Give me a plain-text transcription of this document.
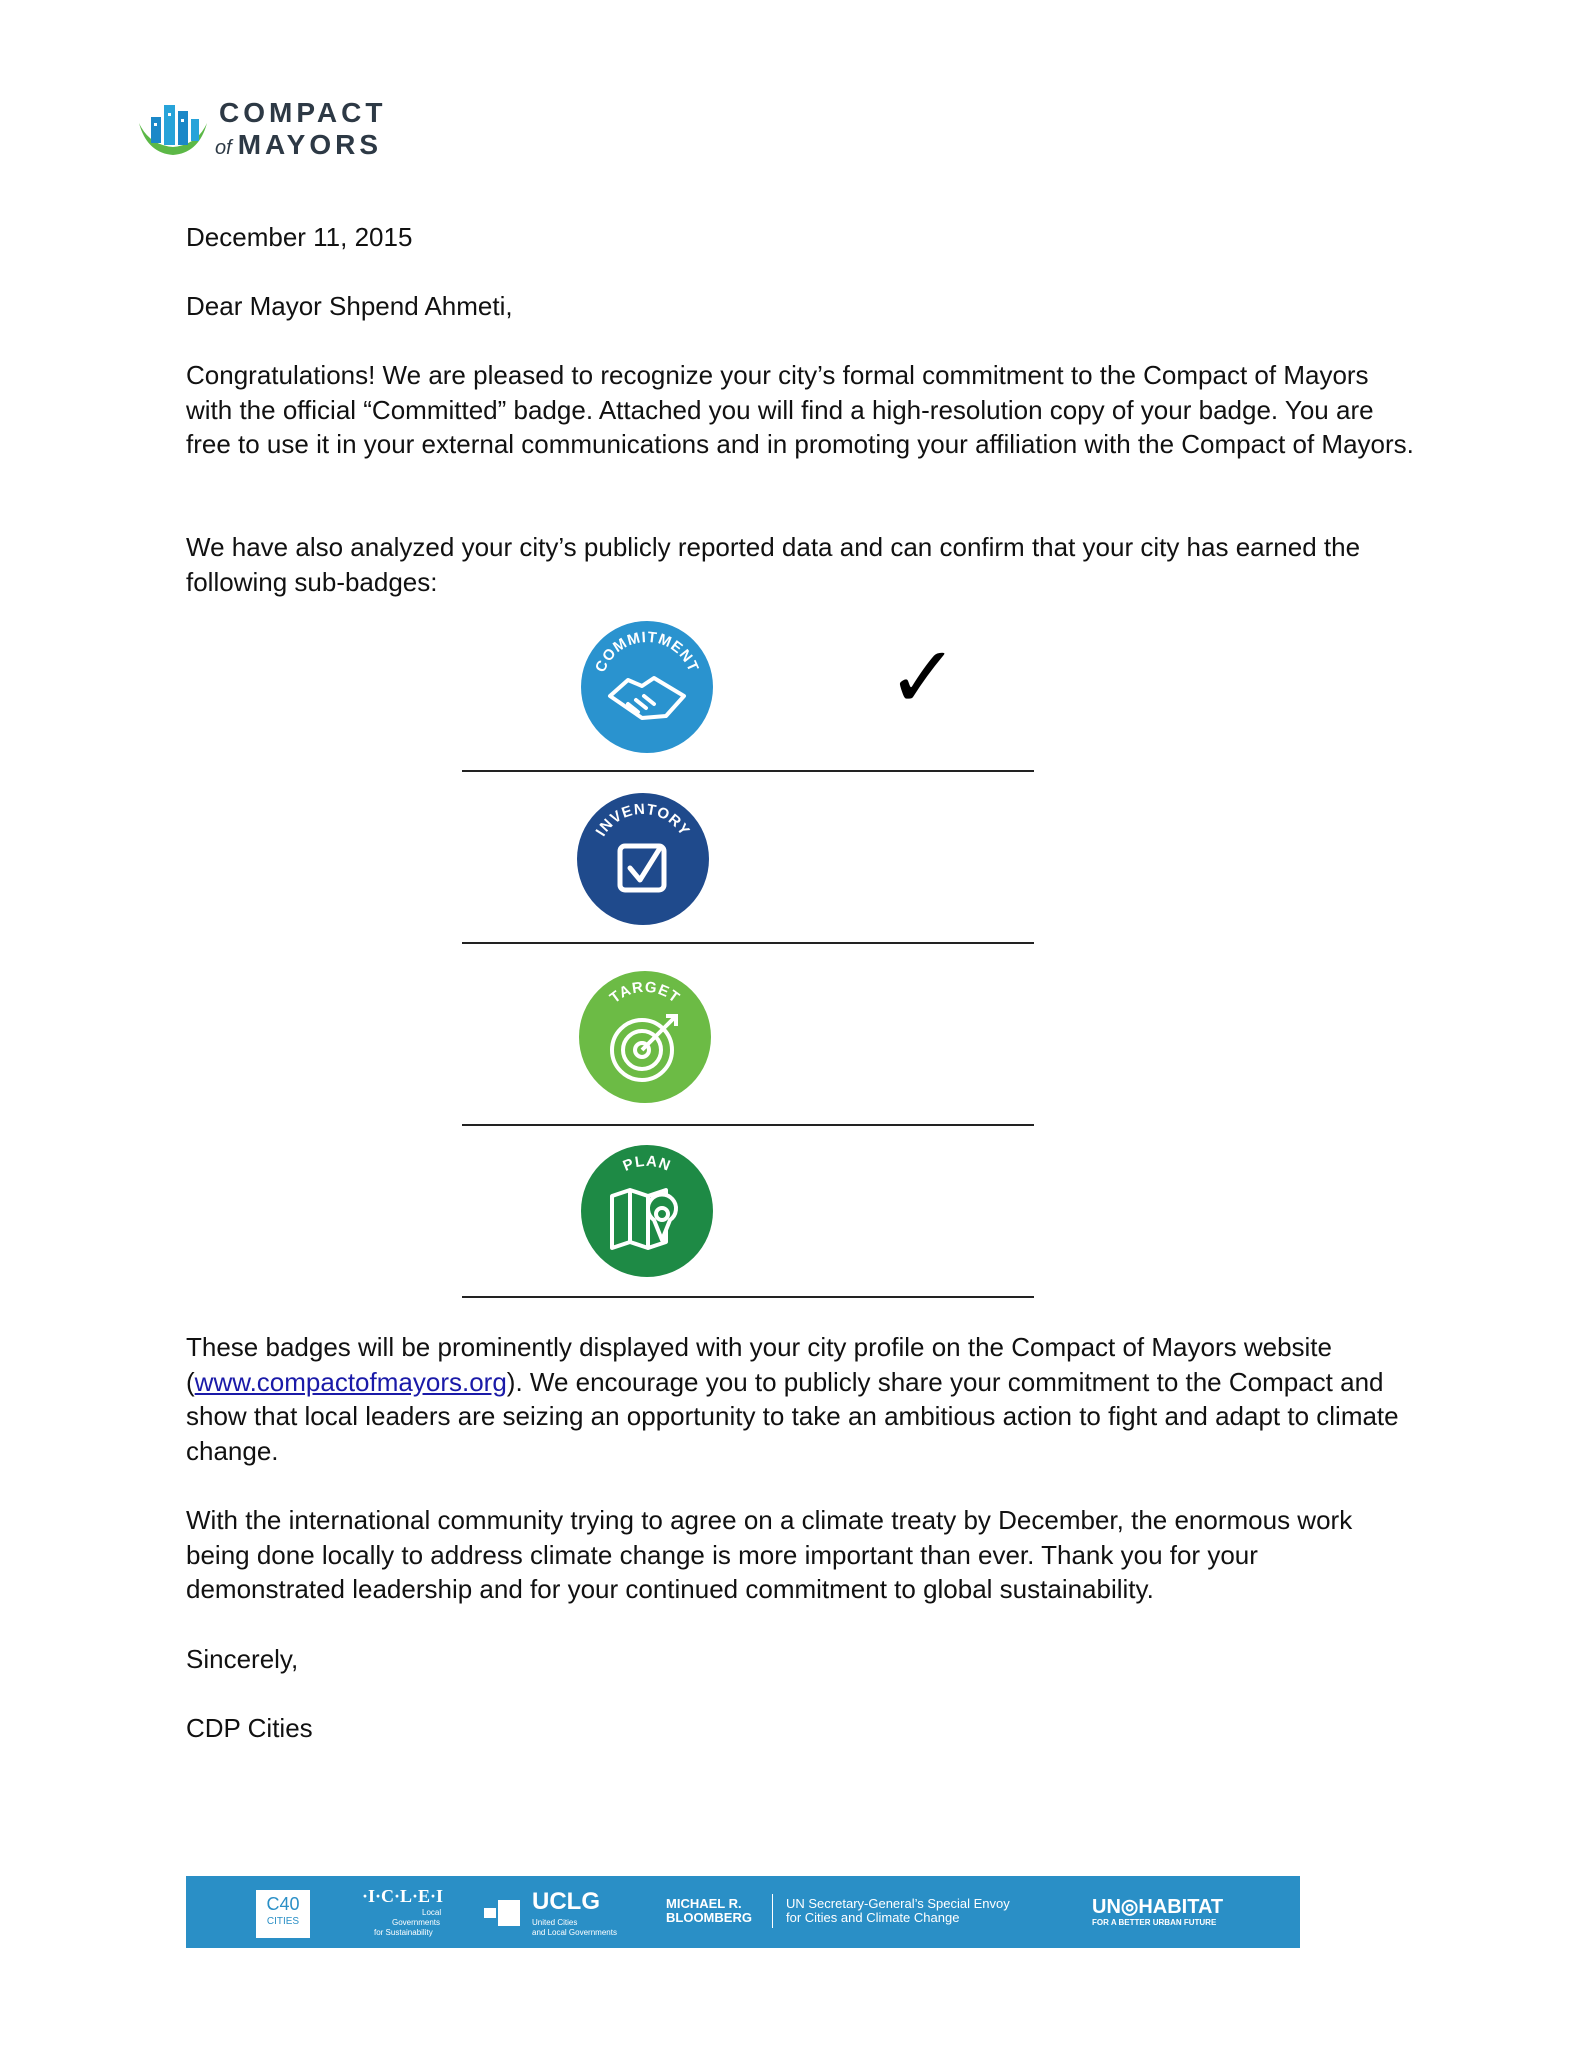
COMPACT
of MAYORS
December 11, 2015
Dear Mayor Shpend Ahmeti,
Congratulations! We are pleased to recognize your city’s formal commitment to the Compact of Mayors with the official “Committed” badge. Attached you will find a high-resolution copy of your badge. You are free to use it in your external communications and in promoting your affiliation with the Compact of Mayors.
We have also analyzed your city’s publicly reported data and can confirm that your city has earned the following sub-badges:
COMMITMENT ✓
INVENTORY
TARGET
PLAN
These badges will be prominently displayed with your city profile on the Compact of Mayors website (www.compactofmayors.org). We encourage you to publicly share your commitment to the Compact and show that local leaders are seizing an opportunity to take an ambitious action to fight and adapt to climate change.
With the international community trying to agree on a climate treaty by December, the enormous work being done locally to address climate change is more important than ever. Thank you for your demonstrated leadership and for your continued commitment to global sustainability.
Sincerely,
CDP Cities
C40
CITIES
·I·C·L·E·I
Local
Governments
for Sustainability
UCLG
United Cities
and Local Governments
MICHAEL R.
BLOOMBERG
UN Secretary-General’s Special Envoy
for Cities and Climate Change	UN◎HABITAT
FOR A BETTER URBAN FUTURE
